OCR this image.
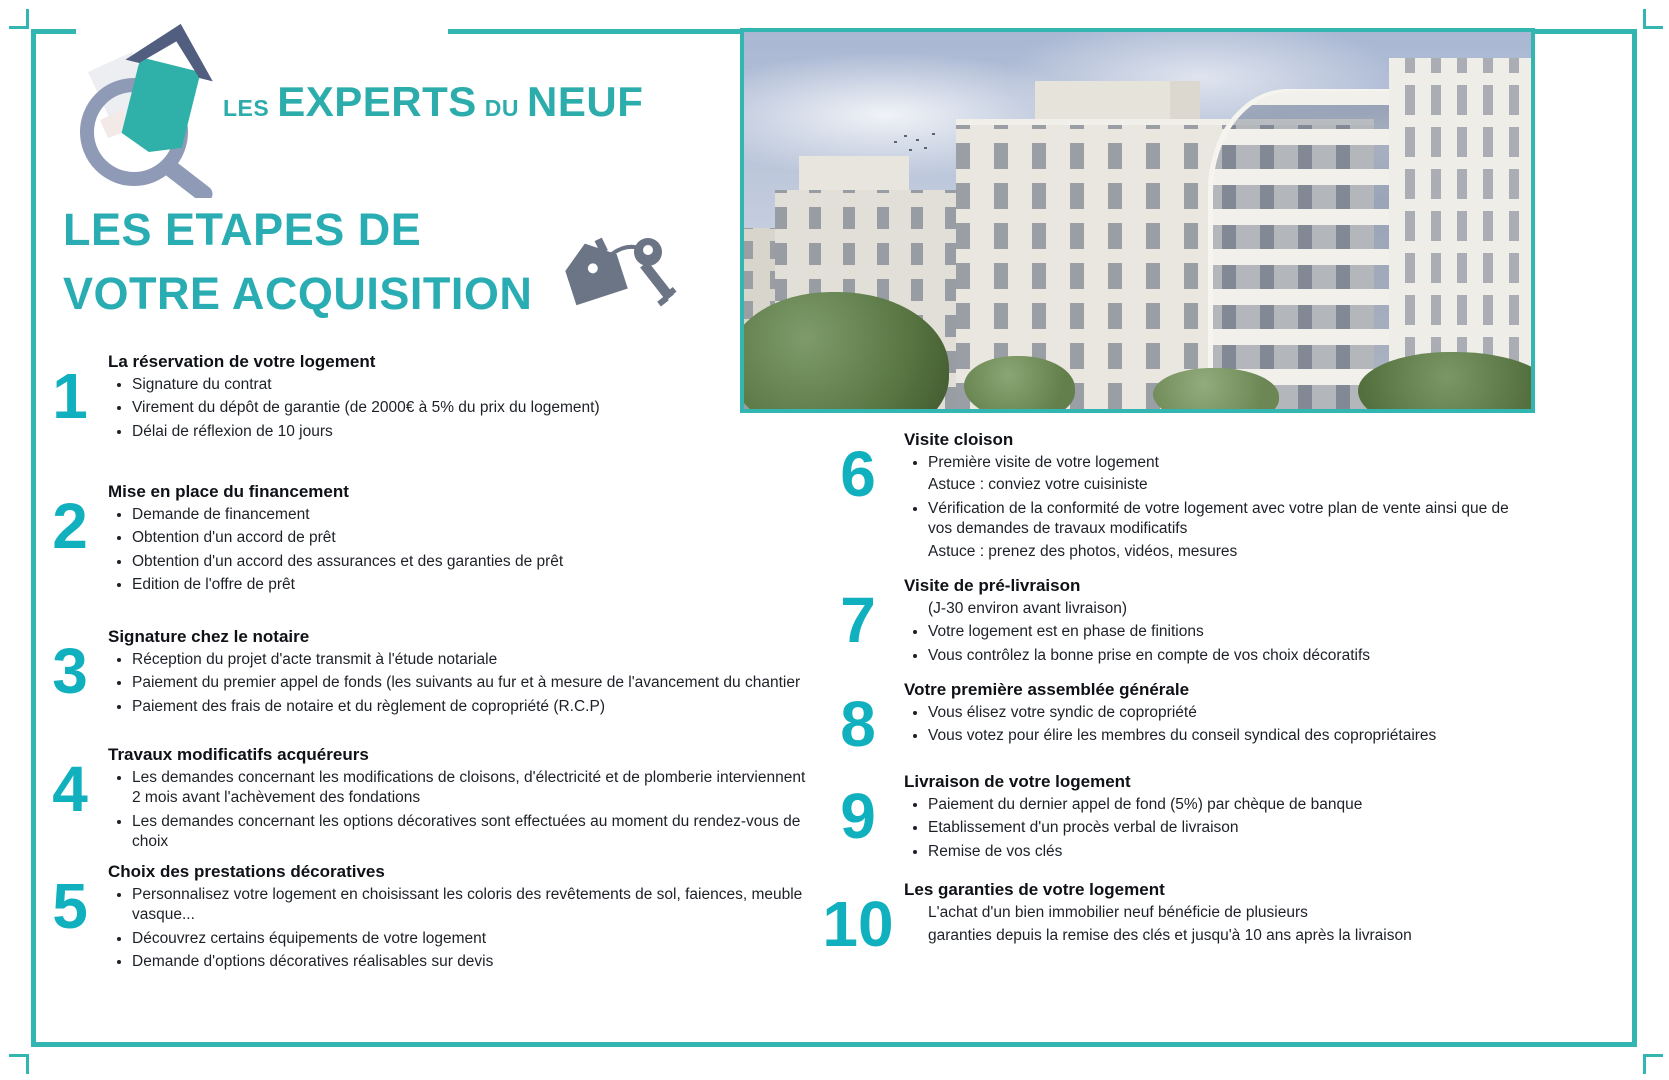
LES EXPERTS DU NEUF
LES ETAPES DE
VOTRE ACQUISITION
1	La réservation de votre logement
• Signature du contrat
• Virement du dépôt de garantie (de 2000€ à 5% du prix du logement)
• Délai de réflexion de 10 jours
2	Mise en place du financement
• Demande de financement
• Obtention d'un accord de prêt
• Obtention d'un accord des assurances et des garanties de prêt
• Edition de l'offre de prêt
3	Signature chez le notaire
• Réception du projet d'acte transmit à l'étude notariale
• Paiement du premier appel de fonds (les suivants au fur et à mesure de l'avancement du chantier
• Paiement des frais de notaire et du règlement de copropriété (R.C.P)
4	Travaux modificatifs acquéreurs
• Les demandes concernant les modifications de cloisons, d'électricité et de plomberie interviennent 2 mois avant l'achèvement des fondations
• Les demandes concernant les options décoratives sont effectuées au moment du rendez-vous de choix
5	Choix des prestations décoratives
• Personnalisez votre logement en choisissant les coloris des revêtements de sol, faiences, meuble vasque...
• Découvrez certains équipements de votre logement
• Demande d'options décoratives réalisables sur devis
6	Visite cloison
• Première visite de votre logement
Astuce : conviez votre cuisiniste
• Vérification de la conformité de votre logement avec votre plan de vente ainsi que de vos demandes de travaux modificatifs
Astuce : prenez des photos, vidéos, mesures
7	Visite de pré-livraison
(J-30 environ avant livraison)
• Votre logement est en phase de finitions
• Vous contrôlez la bonne prise en compte de vos choix décoratifs
8	Votre première assemblée générale
• Vous élisez votre syndic de copropriété
• Vous votez pour élire les membres du conseil syndical des copropriétaires
9	Livraison de votre logement
• Paiement du dernier appel de fond (5%) par chèque de banque
• Etablissement d'un procès verbal de livraison
• Remise de vos clés
10 Les garanties de votre logement
L'achat d'un bien immobilier neuf bénéficie de plusieurs
garanties depuis la remise des clés et jusqu'à 10 ans après la livraison
